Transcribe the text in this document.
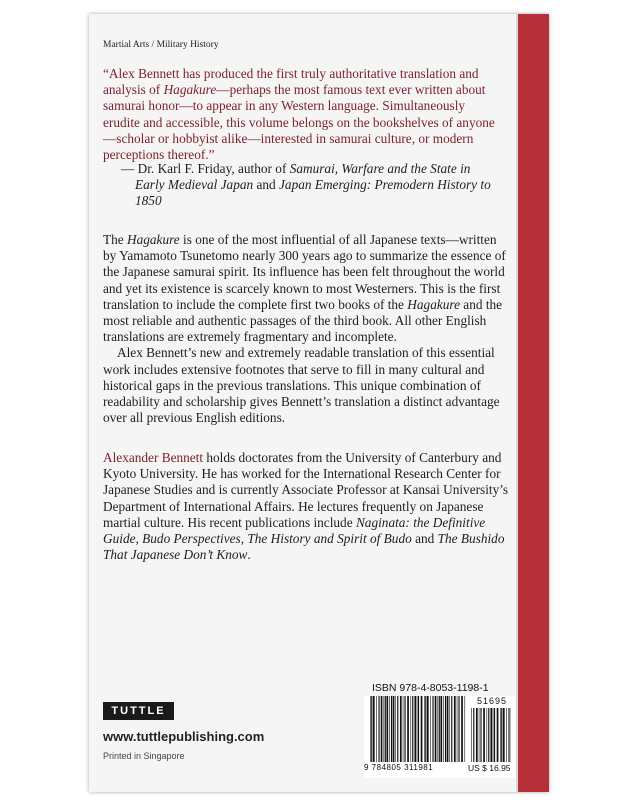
Martial Arts / Military History
“Alex Bennett has produced the first truly authoritative translation and analysis of Hagakure—perhaps the most famous text ever written about samurai honor—to appear in any Western language. Simultaneously erudite and accessible, this volume belongs on the bookshelves of anyone—scholar or hobbyist alike—interested in samurai culture, or modern perceptions thereof.”
— Dr. Karl F. Friday, author of Samurai, Warfare and the State in Early Medieval Japan and Japan Emerging: Premodern History to 1850

The Hagakure is one of the most influential of all Japanese texts—written by Yamamoto Tsunetomo nearly 300 years ago to summarize the essence of the Japanese samurai spirit. Its influence has been felt throughout the world and yet its existence is scarcely known to most Westerners. This is the first translation to include the complete first two books of the Hagakure and the most reliable and authentic passages of the third book. All other English translations are extremely fragmentary and incomplete.

Alex Bennett’s new and extremely readable translation of this essential work includes extensive footnotes that serve to fill in many cultural and historical gaps in the previous translations. This unique combination of readability and scholarship gives Bennett’s translation a distinct advantage over all previous English editions.

Alexander Bennett holds doctorates from the University of Canterbury and Kyoto University. He has worked for the International Research Center for Japanese Studies and is currently Associate Professor at Kansai University’s Department of International Affairs. He lectures frequently on Japanese martial culture. His recent publications include Naginata: the Definitive Guide, Budo Perspectives, The History and Spirit of Budo and The Bushido That Japanese Don’t Know.
TUTTLE
www.tuttlepublishing.com
Printed in Singapore
ISBN 978-4-8053-1198-1
51695
9 784805 311981	US $ 16.95
